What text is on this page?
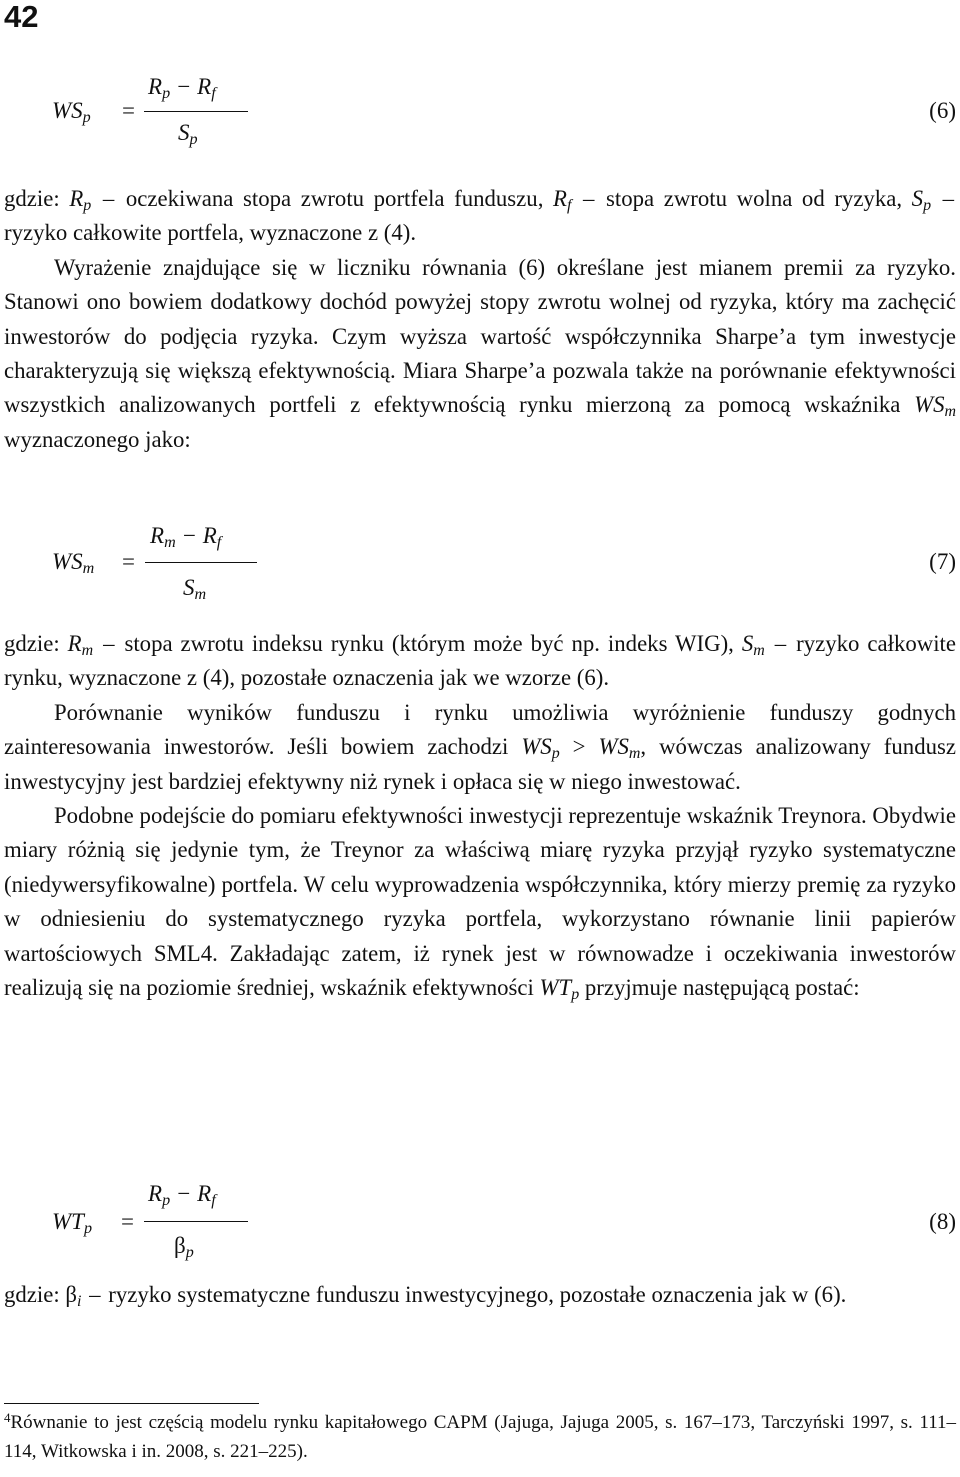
42
$WS_p$ =
$R_p - R_f$
$S_p$
(6)

gdzie: $R_p$ – oczekiwana stopa zwrotu portfela funduszu, $R_f$ – stopa zwrotu wolna od ryzyka, $S_p$ – ryzyko całkowite portfela, wyznaczone z (4).

Wyrażenie znajdujące się w liczniku równania (6) określane jest mianem premii za ryzyko. Stanowi ono bowiem dodatkowy dochód powyżej stopy zwrotu wolnej od ryzyka, który ma zachęcić inwestorów do podjęcia ryzyka. Czym wyższa wartość współczynnika Sharpe’a tym inwestycje charakteryzują się większą efektywnością. Miara Sharpe’a pozwala także na porównanie efektywności wszystkich analizowanych portfeli z efektywnością rynku mierzoną za pomocą wskaźnika $WS_m$ wyznaczonego jako:

$WS_m$ =
$R_m - R_f$
$S_m$
(7)

gdzie: $R_m$ – stopa zwrotu indeksu rynku (którym może być np. indeks WIG), $S_m$ – ryzyko całkowite rynku, wyznaczone z (4), pozostałe oznaczenia jak we wzorze (6).

Porównanie wyników funduszu i rynku umożliwia wyróżnienie funduszy godnych zainteresowania inwestorów. Jeśli bowiem zachodzi $WS_p > WS_m$, wówczas analizowany fundusz inwestycyjny jest bardziej efektywny niż rynek i opłaca się w niego inwestować.

Podobne podejście do pomiaru efektywności inwestycji reprezentuje wskaźnik Treynora. Obydwie miary różnią się jedynie tym, że Treynor za właściwą miarę ryzyka przyjął ryzyko systematyczne (niedywersyfikowalne) portfela. W celu wyprowadzenia współczynnika, który mierzy premię za ryzyko w odniesieniu do systematycznego ryzyka portfela, wykorzystano równanie linii papierów wartościowych SML4. Zakładając zatem, iż rynek jest w równowadze i oczekiwania inwestorów realizują się na poziomie średniej, wskaźnik efektywności $WT_p$ przyjmuje następującą postać:

$WT_p$ =
$R_p - R_f$
$\beta_p$
(8)

gdzie: $\beta_i$ – ryzyko systematyczne funduszu inwestycyjnego, pozostałe oznaczenia jak w (6).

$^4$Równanie to jest częścią modelu rynku kapitałowego CAPM (Jajuga, Jajuga 2005, s. 167–173, Tarczyński 1997, s. 111–114, Witkowska i in. 2008, s. 221–225).
